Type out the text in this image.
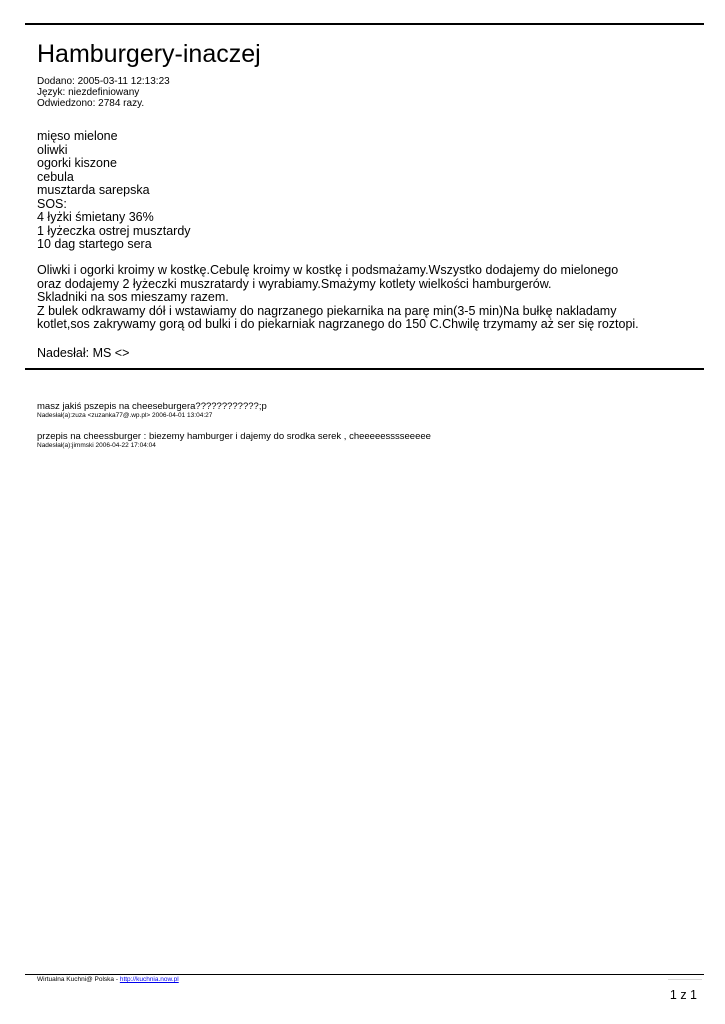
Hamburgery-inaczej
Dodano: 2005-03-11 12:13:23
Język: niezdefiniowany
Odwiedzono: 2784 razy.
mięso mielone
oliwki
ogorki kiszone
cebula
musztarda sarepska
SOS:
4 łyżki śmietany 36%
1 łyżeczka ostrej musztardy
10 dag startego sera
Oliwki i ogorki kroimy w kostkę.Cebulę kroimy w kostkę i podsmażamy.Wszystko dodajemy do mielonego
oraz dodajemy 2 łyżeczki muszratardy i wyrabiamy.Smażymy kotlety wielkości hamburgerów.
Skladniki na sos mieszamy razem.
Z bulek odkrawamy dół i wstawiamy do nagrzanego piekarnika na parę min(3-5 min)Na bułkę nakladamy
kotlet,sos zakrywamy gorą od bulki i do piekarniak nagrzanego do 150 C.Chwilę trzymamy aż ser się roztopi.
Nadesłał: MS <>
masz jakiś pszepis na cheeseburgera????????????;p
Nadesłał(a):zuza <zuzanka77@.wp.pl> 2006-04-01 13:04:27
przepis na cheessburger : biezemy hamburger i dajemy do srodka serek , cheeeeesssseeeee
Nadesłał(a):jimmski 2006-04-22 17:04:04
Wirtualna Kuchni@ Polska - http://kuchnia.now.pl
1 z 1
